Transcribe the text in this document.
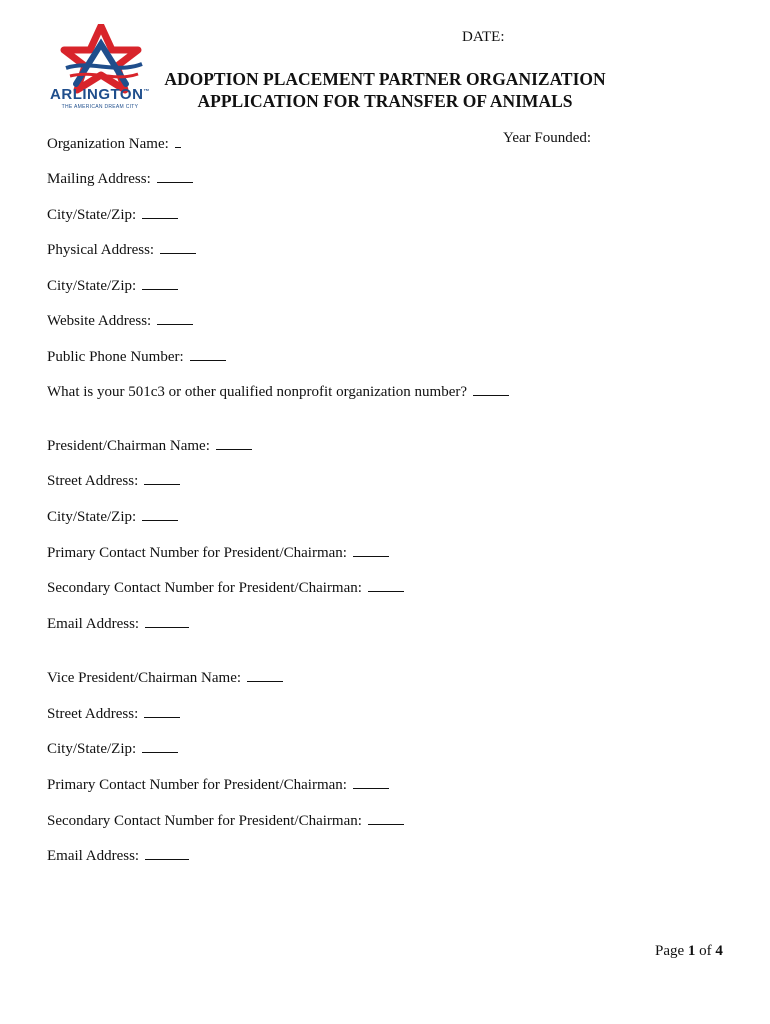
DATE:
ARLINGTON™
THE AMERICAN DREAM CITY
ADOPTION PLACEMENT PARTNER ORGANIZATION
APPLICATION FOR TRANSFER OF ANIMALS
Organization Name:	Year Founded:
Mailing Address:
City/State/Zip:
Physical Address:
City/State/Zip:
Website Address:
Public Phone Number:
What is your 501c3 or other qualified nonprofit organization number?
President/Chairman Name:
Street Address:
City/State/Zip:
Primary Contact Number for President/Chairman:
Secondary Contact Number for President/Chairman:
Email Address:
Vice President/Chairman Name:
Street Address:
City/State/Zip:
Primary Contact Number for President/Chairman:
Secondary Contact Number for President/Chairman:
Email Address:
Page 1 of 4
